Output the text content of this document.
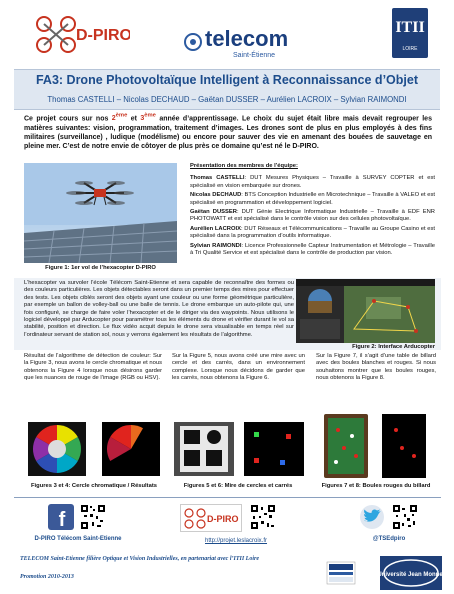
D-PIRO	telecom
Saint-Étienne
ITII
LOIRE
FA3: Drone Photovoltaïque Intelligent à Reconnaissance d’Objet
Thomas CASTELLI – Nicolas DECHAUD – Gaëtan DUSSER – Aurélien LACROIX – Sylvian RAIMONDI
Ce projet cours sur nos 2ème et 3ème année d’apprentissage. Le choix du sujet était libre mais devait regrouper les matières suivantes: vision, programmation, traitement d’images. Les drones sont de plus en plus employés à des fins militaires (surveillance) , ludique (modélisme) ou encore pour sauver des vie en amenant des bouées de sauvetage en pleine mer. C’est de notre envie de côtoyer de plus près ce domaine qu’est né le D-PIRO.
Figure 1: 1er vol de l’hexacopter D-PIRO
Présentation des membres de l’équipe:

Thomas CASTELLI: DUT Mesures Physiques – Travaille à SURVEY COPTER et est spécialisé en vision embarquée sur drones.

Nicolas DECHAUD: BTS Conception Industrielle en Microtechnique – Travaille à VALEO et est spécialisé en programmation et développement logiciel.

Gaëtan DUSSER: DUT Génie Electrique Informatique Industrielle – Travaille à EDF ENR PHOTOWATT et est spécialisé dans le contrôle vision sur des cellules photovoltaïque.

Aurélien LACROIX: DUT Réseaux et Télécommunications – Travaille au Groupe Casino et est spécialisé dans la programmation d’outils informatique.

Sylvian RAIMONDI: Licence Professionnelle Capteur Instrumentation et Métrologie – Travaille à Tri Qualité Service et est spécialisé dans le contrôle de production par vision.

L’hexacopter va survoler l’école Télécom Saint-Etienne et sera capable de reconnaître des formes ou des couleurs particulières. Les objets détectables seront dans un premier temps des mires pour effectuer des tests. Les objets ciblés seront des objets ayant une couleur ou une forme géométrique particulière, par exemple un ballon de volley-ball ou une balle de tennis. Le drone embarque un auto-pilote qui, une fois configuré, se charge de faire voler l’hexacopter et de le diriger via des waypoints. Nous utilisons le logiciel développé par Arducopter pour paramétrer tous les éléments du drone et vérifier durant le vol sa stabilité, position et direction. Le flux vidéo acquit depuis le drone sera visualisable en temps réel sur l’ordinateur servant de station sol, nous y verrons également les résultats de l’algorithme.
Figure 2: Interface Arducopter
Résultat de l’algorithme de détection de couleur: Sur la Figure 3, nous avons le cercle chromatique et nous obtenons la Figure 4 lorsque nous désirons garder que les nuances de rouge de l’image (RGB ou HSV).
Figures 3 et 4: Cercle chromatique / Résultats
Sur la Figure 5, nous avons créé une mire avec un cercle et des carrés, dans un environnement complexe. Lorsque nous décidons de garder que les carrés, nous obtenons la Figure 6.
Figures 5 et 6: Mire de cercles et carrés
Sur la Figure 7, il s’agit d’une table de billard avec des boules blanches et rouges. Si nous souhaitons montrer que les boules rouges, nous obtenons la Figure 8.
Figures 7 et 8: Boules rouges du billard
f
D-PIRO Télécom Saint-Etienne
D-PIRO
http://projet.leslacroix.fr	@TSEdpiro
TELECOM Saint-Etienne filière Optique et Vision Industrielles, en partenariat avec l’ITII Loire
Promotion 2010-2013	Université Jean Monnet
